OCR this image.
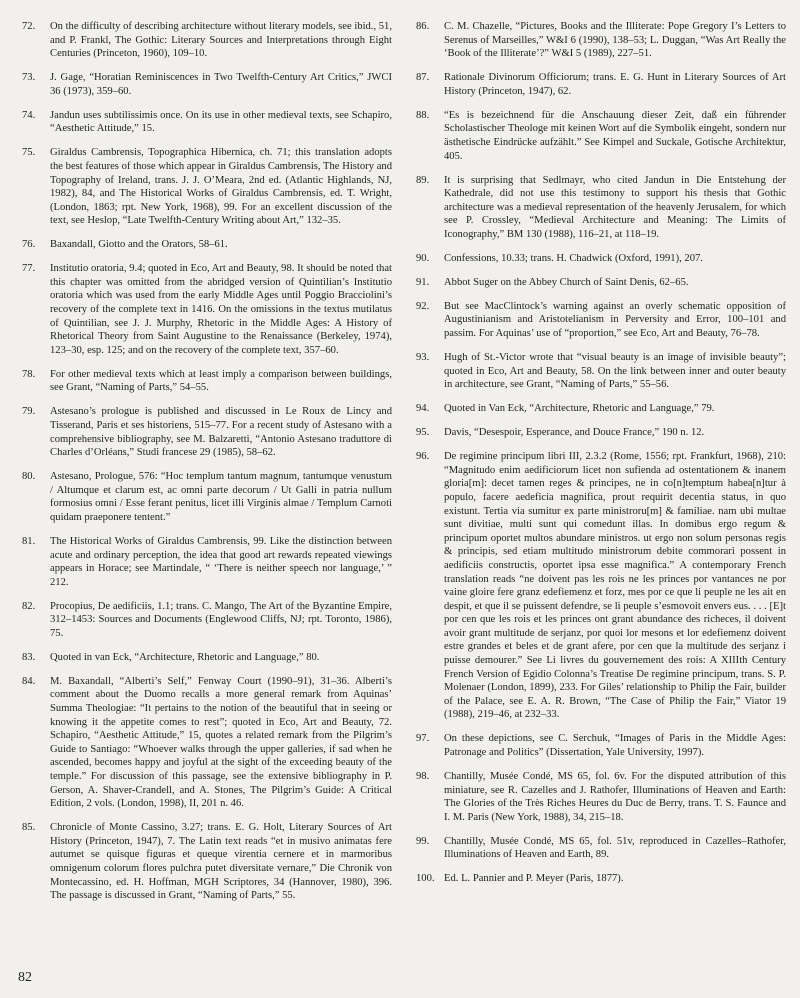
72.	On the difficulty of describing architecture without literary models, see ibid., 51, and P. Frankl, The Gothic: Literary Sources and Interpretations through Eight Centuries (Princeton, 1960), 109–10.
73.	J. Gage, “Horatian Reminiscences in Two Twelfth-Century Art Critics,” JWCI 36 (1973), 359–60.
74.	Jandun uses subtilissimis once. On its use in other medieval texts, see Schapiro, “Aesthetic Attitude,” 15.
75.	Giraldus Cambrensis, Topographica Hibernica, ch. 71; this translation adopts the best features of those which appear in Giraldus Cambrensis, The History and Topography of Ireland, trans. J. J. O’Meara, 2nd ed. (Atlantic Highlands, NJ, 1982), 84, and The Historical Works of Giraldus Cambrensis, ed. T. Wright, (London, 1863; rpt. New York, 1968), 99. For an excellent discussion of the text, see Heslop, “Late Twelfth-Century Writing about Art,” 132–35.
76.	Baxandall, Giotto and the Orators, 58–61.
77.	Institutio oratoria, 9.4; quoted in Eco, Art and Beauty, 98. It should be noted that this chapter was omitted from the abridged version of Quintilian’s Institutio oratoria which was used from the early Middle Ages until Poggio Bracciolini’s recovery of the complete text in 1416. On the omissions in the textus mutilatus of Quintilian, see J. J. Murphy, Rhetoric in the Middle Ages: A History of Rhetorical Theory from Saint Augustine to the Renaissance (Berkeley, 1974), 123–30, esp. 125; and on the recovery of the complete text, 357–60.
78.	For other medieval texts which at least imply a comparison between buildings, see Grant, “Naming of Parts,” 54–55.
79.	Astesano’s prologue is published and discussed in Le Roux de Lincy and Tisserand, Paris et ses historiens, 515–77. For a recent study of Astesano with a comprehensive bibliography, see M. Balzaretti, “Antonio Astesano traduttore di Charles d’Orléans,” Studi francese 29 (1985), 58–62.
80.	Astesano, Prologue, 576: “Hoc templum tantum magnum, tantumque venustum / Altumque et clarum est, ac omni parte decorum / Ut Galli in patria nullum formosius omni / Esse ferant penitus, licet illi Virginis almae / Templum Carnoti quidam praeponere tentent.”
81.	The Historical Works of Giraldus Cambrensis, 99. Like the distinction between acute and ordinary perception, the idea that good art rewards repeated viewings appears in Horace; see Martindale, “ ‘There is neither speech nor language,’ ” 212.
82.	Procopius, De aedificiis, 1.1; trans. C. Mango, The Art of the Byzantine Empire, 312–1453: Sources and Documents (Englewood Cliffs, NJ; rpt. Toronto, 1986), 75.
83.	Quoted in van Eck, “Architecture, Rhetoric and Language,” 80.
84.	M. Baxandall, “Alberti’s Self,” Fenway Court (1990–91), 31–36. Alberti’s comment about the Duomo recalls a more general remark from Aquinas’ Summa Theologiae: “It pertains to the notion of the beautiful that in seeing or knowing it the appetite comes to rest”; quoted in Eco, Art and Beauty, 72. Schapiro, “Aesthetic Attitude,” 15, quotes a related remark from the Pilgrim’s Guide to Santiago: “Whoever walks through the upper galleries, if sad when he ascended, becomes happy and joyful at the sight of the exceeding beauty of the temple.” For discussion of this passage, see the extensive bibliography in P. Gerson, A. Shaver-Crandell, and A. Stones, The Pilgrim’s Guide: A Critical Edition, 2 vols. (London, 1998), II, 201 n. 46.
85.	Chronicle of Monte Cassino, 3.27; trans. E. G. Holt, Literary Sources of Art History (Princeton, 1947), 7. The Latin text reads “et in musivo animatas fere autumet se quisque figuras et queque virentia cernere et in marmoribus omnigenum colorum flores pulchra putet diversitate vernare,” Die Chronik von Montecassino, ed. H. Hoffman, MGH Scriptores, 34 (Hannover, 1980), 396. The passage is discussed in Grant, “Naming of Parts,” 55.
86.	C. M. Chazelle, “Pictures, Books and the Illiterate: Pope Gregory I’s Letters to Serenus of Marseilles,” W&I 6 (1990), 138–53; L. Duggan, “Was Art Really the ‘Book of the Illiterate’?” W&I 5 (1989), 227–51.
87.	Rationale Divinorum Officiorum; trans. E. G. Hunt in Literary Sources of Art History (Princeton, 1947), 62.
88.	“Es is bezeichnend für die Anschauung dieser Zeit, daß ein führender Scholastischer Theologe mit keinen Wort auf die Symbolik eingeht, sondern nur ästhetische Eindrücke aufzählt.” See Kimpel and Suckale, Gotische Architektur, 405.
89.	It is surprising that Sedlmayr, who cited Jandun in Die Entstehung der Kathedrale, did not use this testimony to support his thesis that Gothic architecture was a medieval representation of the heavenly Jerusalem, for which see P. Crossley, “Medieval Architecture and Meaning: The Limits of Iconography,” BM 130 (1988), 116–21, at 118–19.
90.	Confessions, 10.33; trans. H. Chadwick (Oxford, 1991), 207.
91.	Abbot Suger on the Abbey Church of Saint Denis, 62–65.
92.	But see MacClintock’s warning against an overly schematic opposition of Augustinianism and Aristotelianism in Perversity and Error, 100–101 and passim. For Aquinas’ use of “proportion,” see Eco, Art and Beauty, 76–78.
93.	Hugh of St.-Victor wrote that “visual beauty is an image of invisible beauty”; quoted in Eco, Art and Beauty, 58. On the link between inner and outer beauty in architecture, see Grant, “Naming of Parts,” 55–56.
94.	Quoted in Van Eck, “Architecture, Rhetoric and Language,” 79.
95.	Davis, “Desespoir, Esperance, and Douce France,” 190 n. 12.
96.	De regimine principum libri III, 2.3.2 (Rome, 1556; rpt. Frankfurt, 1968), 210: “Magnitudo enim aedificiorum licet non sufienda ad ostentationem & inanem gloria[m]: decet tamen reges & principes, ne in co[n]temptum habea[n]tur à populo, facere aedeficia magnifica, prout requirit decentia status, in quo existunt. Tertia via sumitur ex parte ministroru[m] & familiae. nam ubi multae sunt divitiae, multi sunt qui comedunt illas. In domibus ergo regum & principum oportet multos abundare ministros. ut ergo non solum personas regis & principis, sed etiam multitudo ministrorum debite commorari possent in aedificiis constructis, oportet ipsa esse magnifica.” A contemporary French translation reads “ne doivent pas les rois ne les princes por vantances ne por vaine gloire fere granz edefiemenz et forz, mes por ce que li peuple ne les ait en despit, et que il se puissent defendre, se li peuple s’esmovoit envers eus. . . . [E]t por cen que les rois et les princes ont grant abundance des richeces, il doivent avoir grant multitude de serjanz, por quoi lor mesons et lor edefiemenz doivent estre grandes et beles et de grant afere, por cen que la multitude des serjanz i puisse demourer.” See Li livres du gouvernement des rois: A XIIIth Century French Version of Egidio Colonna’s Treatise De regimine principum, trans. S. P. Molenaer (London, 1899), 233. For Giles’ relationship to Philip the Fair, builder of the Palace, see E. A. R. Brown, “The Case of Philip the Fair,” Viator 19 (1988), 219–46, at 232–33.
97.	On these depictions, see C. Serchuk, “Images of Paris in the Middle Ages: Patronage and Politics” (Dissertation, Yale University, 1997).
98.	Chantilly, Musée Condé, MS 65, fol. 6v. For the disputed attribution of this miniature, see R. Cazelles and J. Rathofer, Illuminations of Heaven and Earth: The Glories of the Très Riches Heures du Duc de Berry, trans. T. S. Faunce and I. M. Paris (New York, 1988), 34, 215–18.
99.	Chantilly, Musée Condé, MS 65, fol. 51v, reproduced in Cazelles–Rathofer, Illuminations of Heaven and Earth, 89.
100. Ed. L. Pannier and P. Meyer (Paris, 1877).
82
